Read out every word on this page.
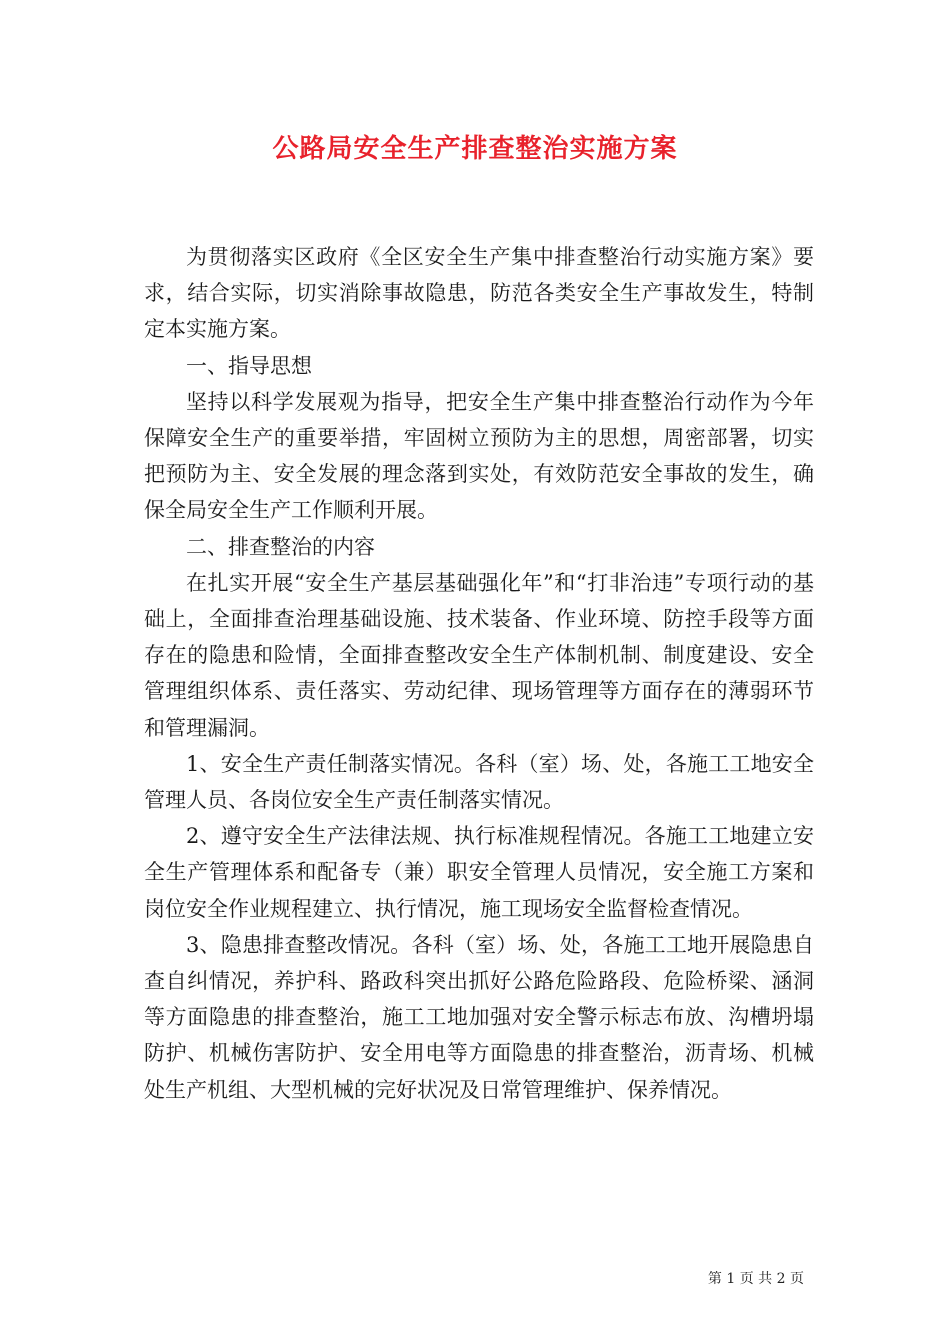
公路局安全生产排查整治实施方案

为贯彻落实区政府《全区安全生产集中排查整治行动实施方案》要求，结合实际，切实消除事故隐患，防范各类安全生产事故发生，特制定本实施方案。

一、指导思想

坚持以科学发展观为指导，把安全生产集中排查整治行动作为今年保障安全生产的重要举措，牢固树立预防为主的思想，周密部署，切实把预防为主、安全发展的理念落到实处，有效防范安全事故的发生，确保全局安全生产工作顺利开展。

二、排查整治的内容

在扎实开展“安全生产基层基础强化年”和“打非治违”专项行动的基础上，全面排查治理基础设施、技术装备、作业环境、防控手段等方面存在的隐患和险情，全面排查整改安全生产体制机制、制度建设、安全管理组织体系、责任落实、劳动纪律、现场管理等方面存在的薄弱环节和管理漏洞。

1、安全生产责任制落实情况。各科（室）场、处，各施工工地安全管理人员、各岗位安全生产责任制落实情况。

2、遵守安全生产法律法规、执行标准规程情况。各施工工地建立安全生产管理体系和配备专（兼）职安全管理人员情况，安全施工方案和岗位安全作业规程建立、执行情况，施工现场安全监督检查情况。

3、隐患排查整改情况。各科（室）场、处，各施工工地开展隐患自查自纠情况，养护科、路政科突出抓好公路危险路段、危险桥梁、涵洞等方面隐患的排查整治，施工工地加强对安全警示标志布放、沟槽坍塌防护、机械伤害防护、安全用电等方面隐患的排查整治，沥青场、机械处生产机组、大型机械的完好状况及日常管理维护、保养情况。

第 1 页 共 2 页
